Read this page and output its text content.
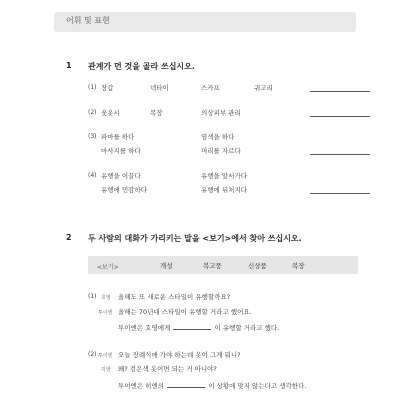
어휘 및 표현
1 관계가 먼 것을 골라 쓰십시오.
(1) 장갑	넥타이	스카프	귀고리
(2) 웃옷시	복장	의상피부 관리
(3) 파마를 하다	염색을 하다
마사지를 하다	머리를 자르다
(4) 유행을 이끌다	유행을 앞서가다
유행에 민감하다	유행에 뒤처지다
2 두 사람의 대화가 가리키는 말을 <보기>에서 찾아 쓰십시오.
<보기>	개성	복고풍	신상품	복장
(1) 호영 올해도 또 새로운 스타일이 유행할까요?
투이엔 올해는 70년대 스타일이 유행할 거라고 했어요.
투이엔은 호영에게	이 유행할 거라고 했다.
(2) 투이엔 오늘 장례식에 가야 하는데 옷이 그게 뭐니?
히엔 왜? 검은색 옷이면 되는 거 아니야?
투이엔은 히엔의	이 상황에 맞지 않는다고 생각한다.
